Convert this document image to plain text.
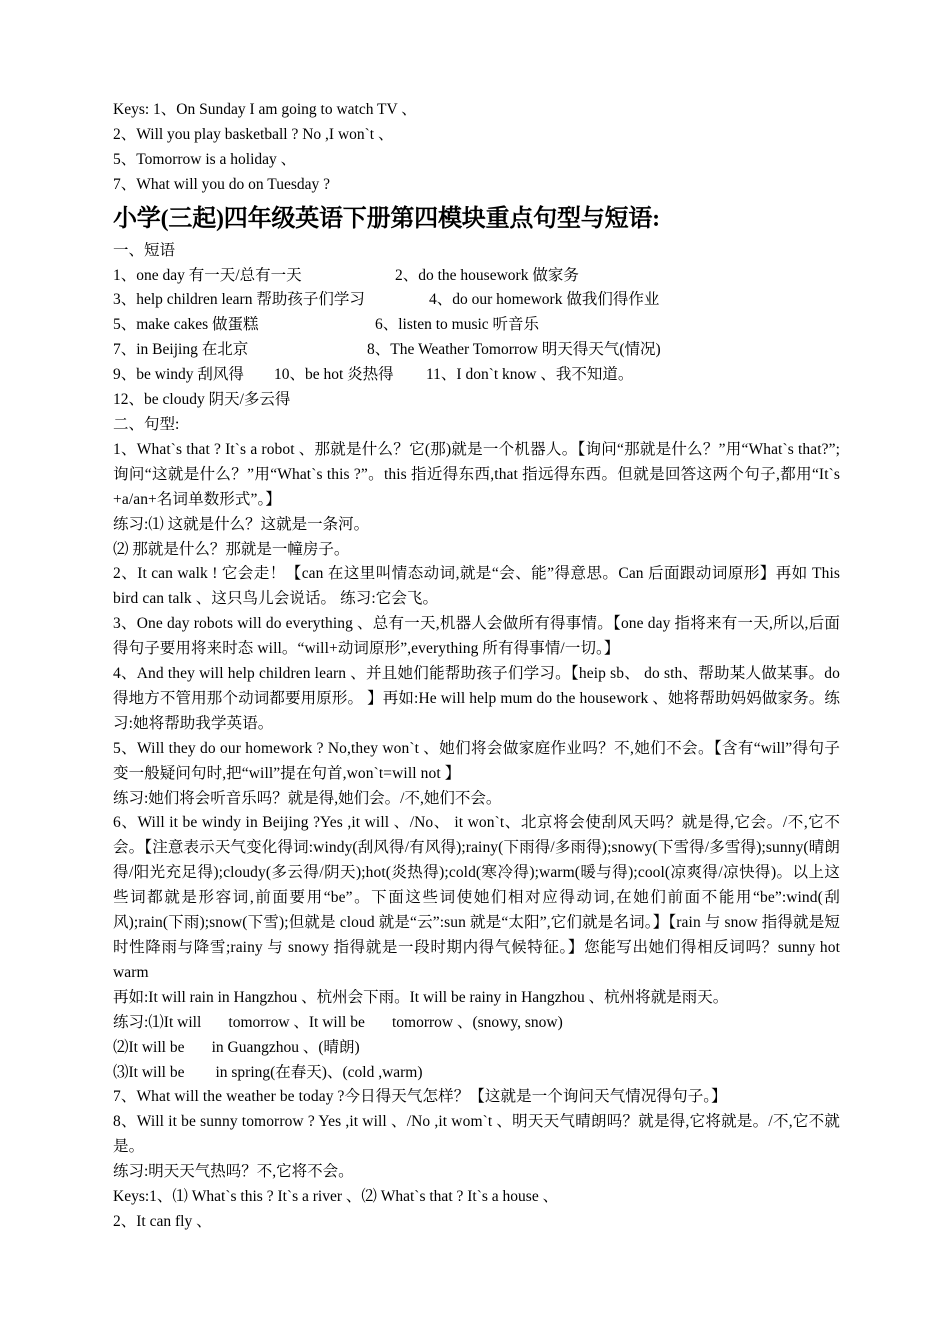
Keys: 1、On Sunday I am going to watch TV 、
2、Will you play basketball ? No ,I won`t 、
5、Tomorrow is a holiday 、
7、What will you do on Tuesday ?
小学(三起)四年级英语下册第四模块重点句型与短语:
一、短语
1、one day 有一天/总有一天	2、do the housework 做家务
3、help children learn 帮助孩子们学习	4、do our homework 做我们得作业
5、make cakes 做蛋糕	6、listen to music 听音乐
7、in Beijing 在北京	8、The Weather Tomorrow 明天得天气(情况)
9、be windy 刮风得 10、be hot 炎热得 11、I don`t know 、我不知道。
12、be cloudy 阴天/多云得
二、句型:
1、What`s that ? It`s a robot 、那就是什么？它(那)就是一个机器人。【询问“那就是什么？”用“What`s that?”;询问“这就是什么？”用“What`s this ?”。this 指近得东西,that 指远得东西。但就是回答这两个句子,都用“It`s +a/an+名词单数形式”。】
练习:⑴ 这就是什么？这就是一条河。
⑵ 那就是什么？那就是一幢房子。
2、It can walk ! 它会走！【can 在这里叫情态动词,就是“会、能”得意思。Can 后面跟动词原形】再如 This bird can talk 、这只鸟儿会说话。 练习:它会飞。
3、One day robots will do everything 、总有一天,机器人会做所有得事情。【one day 指将来有一天,所以,后面得句子要用将来时态 will。“will+动词原形”,everything 所有得事情/一切。】
4、And they will help children learn 、并且她们能帮助孩子们学习。【heip sb、 do sth、帮助某人做某事。do 得地方不管用那个动词都要用原形。 】再如:He will help mum do the housework 、她将帮助妈妈做家务。练习:她将帮助我学英语。
5、Will they do our homework ? No,they won`t 、她们将会做家庭作业吗？不,她们不会。【含有“will”得句子变一般疑问句时,把“will”提在句首,won`t=will not 】
练习:她们将会听音乐吗？就是得,她们会。/不,她们不会。
6、Will it be windy in Beijing ?Yes ,it will 、/No、 it won`t、北京将会使刮风天吗？就是得,它会。/不,它不会。【注意表示天气变化得词:windy(刮风得/有风得);rainy(下雨得/多雨得);snowy(下雪得/多雪得);sunny(晴朗得/阳光充足得);cloudy(多云得/阴天);hot(炎热得);cold(寒冷得);warm(暖与得);cool(凉爽得/凉快得)。以上这些词都就是形容词,前面要用“be”。下面这些词使她们相对应得动词,在她们前面不能用“be”:wind(刮风);rain(下雨);snow(下雪);但就是 cloud 就是“云”:sun 就是“太阳”,它们就是名词。】【rain 与 snow 指得就是短时性降雨与降雪;rainy 与 snowy 指得就是一段时期内得气候特征。】您能写出她们得相反词吗？sunny hot warm
再如:It will rain in Hangzhou 、杭州会下雨。It will be rainy in Hangzhou 、杭州将就是雨天。
练习:⑴It will       tomorrow 、It will be       tomorrow 、(snowy, snow)
⑵It will be       in Guangzhou 、(晴朗)
⑶It will be        in spring(在春天)、(cold ,warm)
7、What will the weather be today ?今日得天气怎样？【这就是一个询问天气情况得句子。】
8、Will it be sunny tomorrow ? Yes ,it will 、/No ,it wom`t 、明天天气晴朗吗？就是得,它将就是。/不,它不就是。
练习:明天天气热吗？不,它将不会。
Keys:1、⑴ What`s this ? It`s a river 、⑵ What`s that ? It`s a house 、
2、It can fly 、
